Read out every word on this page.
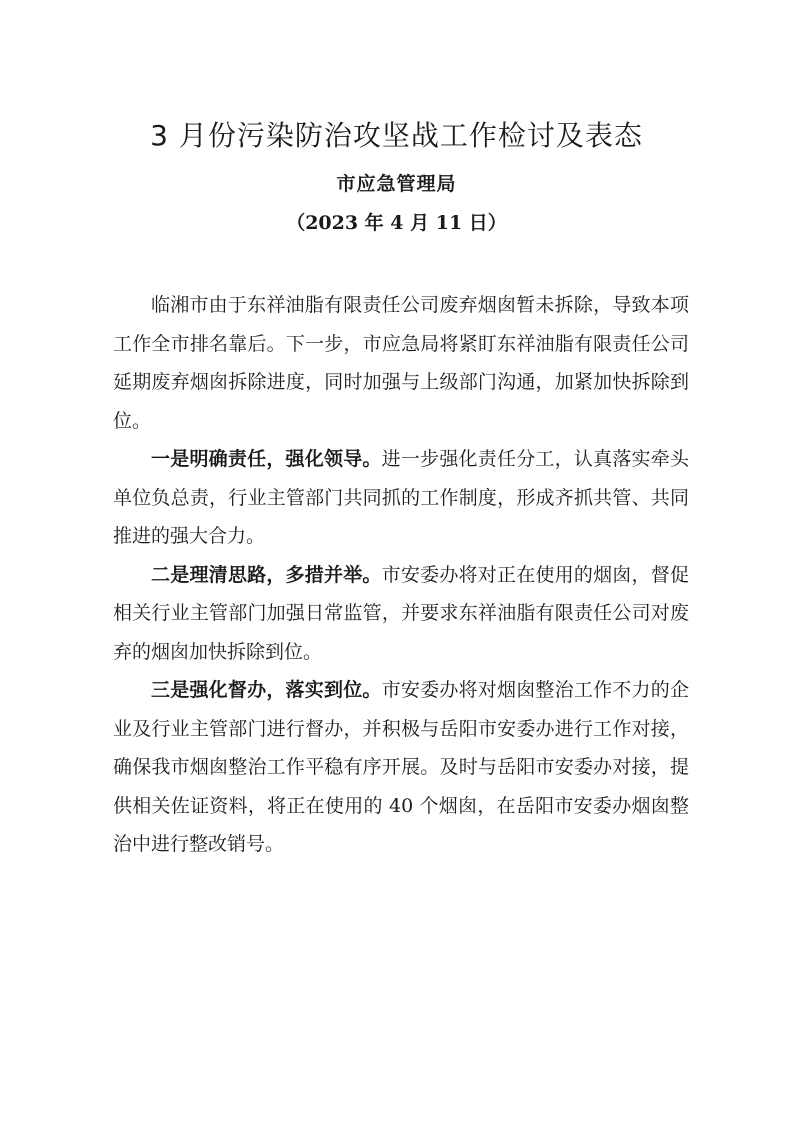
3 月份污染防治攻坚战工作检讨及表态

市应急管理局

（2023 年 4 月 11 日）

临湘市由于东祥油脂有限责任公司废弃烟囱暂未拆除，导致本项工作全市排名靠后。下一步，市应急局将紧盯东祥油脂有限责任公司延期废弃烟囱拆除进度，同时加强与上级部门沟通，加紧加快拆除到位。

一是明确责任，强化领导。进一步强化责任分工，认真落实牵头单位负总责，行业主管部门共同抓的工作制度，形成齐抓共管、共同推进的强大合力。

二是理清思路，多措并举。市安委办将对正在使用的烟囱，督促相关行业主管部门加强日常监管，并要求东祥油脂有限责任公司对废弃的烟囱加快拆除到位。

三是强化督办，落实到位。市安委办将对烟囱整治工作不力的企业及行业主管部门进行督办，并积极与岳阳市安委办进行工作对接，确保我市烟囱整治工作平稳有序开展。及时与岳阳市安委办对接，提供相关佐证资料，将正在使用的 40 个烟囱，在岳阳市安委办烟囱整治中进行整改销号。
